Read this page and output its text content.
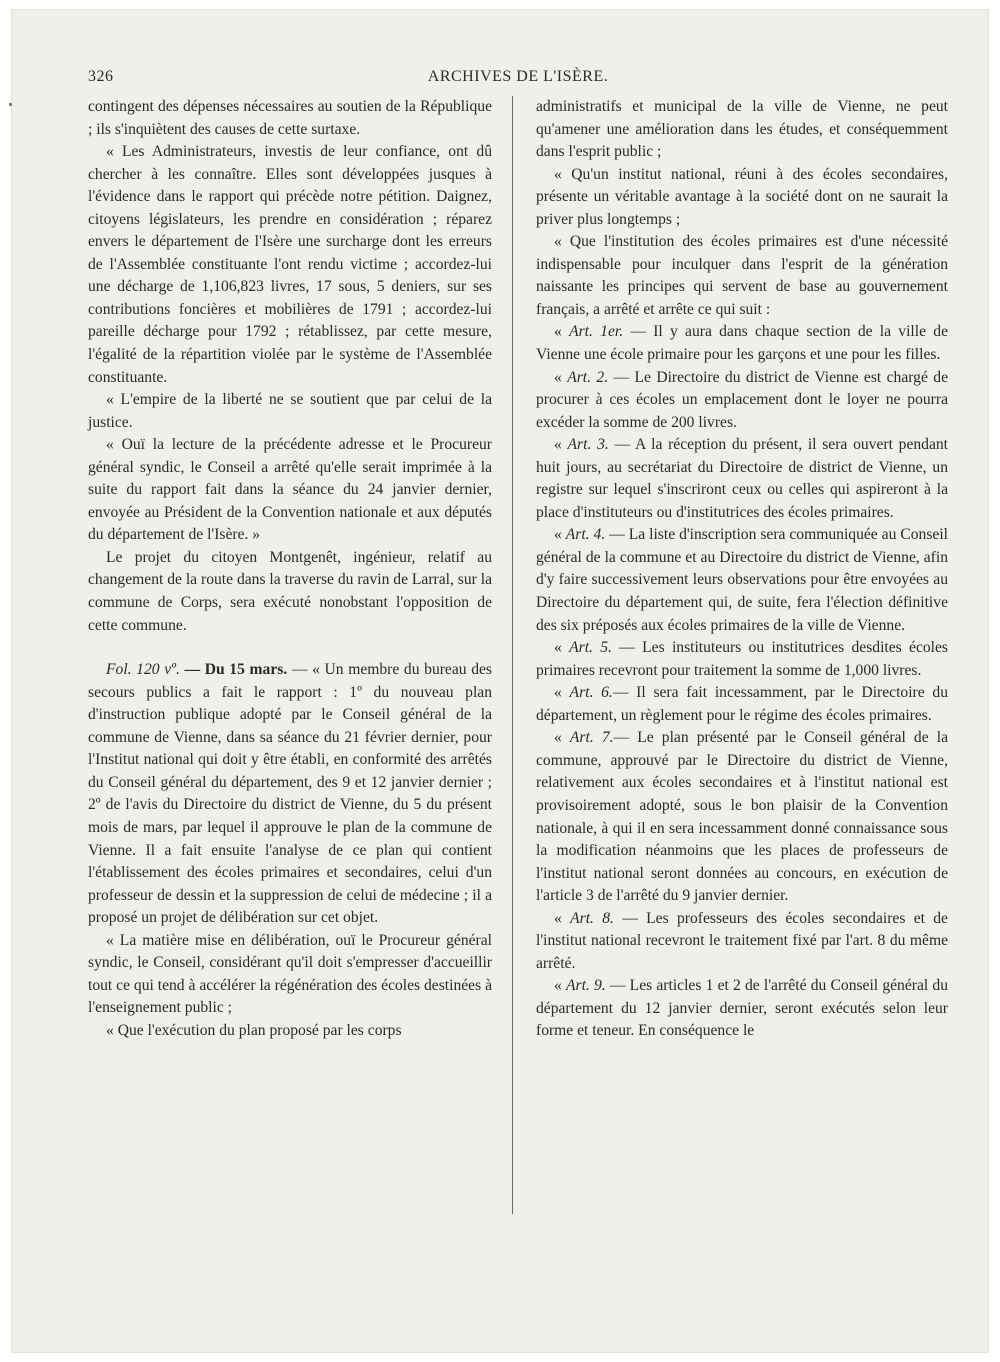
326	ARCHIVES DE L'ISÈRE.

contingent des dépenses nécessaires au soutien de la République ; ils s'inquiètent des causes de cette surtaxe.

« Les Administrateurs, investis de leur confiance, ont dû chercher à les connaître. Elles sont développées jusques à l'évidence dans le rapport qui précède notre pétition. Daignez, citoyens législateurs, les prendre en considération ; réparez envers le département de l'Isère une surcharge dont les erreurs de l'Assemblée constituante l'ont rendu victime ; accordez-lui une décharge de 1,106,823 livres, 17 sous, 5 deniers, sur ses contributions foncières et mobilières de 1791 ; accordez-lui pareille décharge pour 1792 ; rétablissez, par cette mesure, l'égalité de la répartition violée par le système de l'Assemblée constituante.

« L'empire de la liberté ne se soutient que par celui de la justice.

« Ouï la lecture de la précédente adresse et le Procureur général syndic, le Conseil a arrêté qu'elle serait imprimée à la suite du rapport fait dans la séance du 24 janvier dernier, envoyée au Président de la Convention nationale et aux députés du département de l'Isère. »

Le projet du citoyen Montgenêt, ingénieur, relatif au changement de la route dans la traverse du ravin de Larral, sur la commune de Corps, sera exécuté nonobstant l'opposition de cette commune.

Fol. 120 vº. — Du 15 mars. — « Un membre du bureau des secours publics a fait le rapport : 1º du nouveau plan d'instruction publique adopté par le Conseil général de la commune de Vienne, dans sa séance du 21 février dernier, pour l'Institut national qui doit y être établi, en conformité des arrêtés du Conseil général du département, des 9 et 12 janvier dernier ; 2º de l'avis du Directoire du district de Vienne, du 5 du présent mois de mars, par lequel il approuve le plan de la commune de Vienne. Il a fait ensuite l'analyse de ce plan qui contient l'établissement des écoles primaires et secondaires, celui d'un professeur de dessin et la suppression de celui de médecine ; il a proposé un projet de délibération sur cet objet.

« La matière mise en délibération, ouï le Procureur général syndic, le Conseil, considérant qu'il doit s'empresser d'accueillir tout ce qui tend à accélérer la régénération des écoles destinées à l'enseignement public ;

« Que l'exécution du plan proposé par les corps

administratifs et municipal de la ville de Vienne, ne peut qu'amener une amélioration dans les études, et conséquemment dans l'esprit public ;

« Qu'un institut national, réuni à des écoles secondaires, présente un véritable avantage à la société dont on ne saurait la priver plus longtemps ;

« Que l'institution des écoles primaires est d'une nécessité indispensable pour inculquer dans l'esprit de la génération naissante les principes qui servent de base au gouvernement français, a arrêté et arrête ce qui suit :

« Art. 1er. — Il y aura dans chaque section de la ville de Vienne une école primaire pour les garçons et une pour les filles.

« Art. 2. — Le Directoire du district de Vienne est chargé de procurer à ces écoles un emplacement dont le loyer ne pourra excéder la somme de 200 livres.

« Art. 3. — A la réception du présent, il sera ouvert pendant huit jours, au secrétariat du Directoire de district de Vienne, un registre sur lequel s'inscriront ceux ou celles qui aspireront à la place d'instituteurs ou d'institutrices des écoles primaires.

« Art. 4. — La liste d'inscription sera communiquée au Conseil général de la commune et au Directoire du district de Vienne, afin d'y faire successivement leurs observations pour être envoyées au Directoire du département qui, de suite, fera l'élection définitive des six préposés aux écoles primaires de la ville de Vienne.

« Art. 5. — Les instituteurs ou institutrices desdites écoles primaires recevront pour traitement la somme de 1,000 livres.

« Art. 6.— Il sera fait incessamment, par le Directoire du département, un règlement pour le régime des écoles primaires.

« Art. 7.— Le plan présenté par le Conseil général de la commune, approuvé par le Directoire du district de Vienne, relativement aux écoles secondaires et à l'institut national est provisoirement adopté, sous le bon plaisir de la Convention nationale, à qui il en sera incessamment donné connaissance sous la modification néanmoins que les places de professeurs de l'institut national seront données au concours, en exécution de l'article 3 de l'arrêté du 9 janvier dernier.

« Art. 8. — Les professeurs des écoles secondaires et de l'institut national recevront le traitement fixé par l'art. 8 du même arrêté.

« Art. 9. — Les articles 1 et 2 de l'arrêté du Conseil général du département du 12 janvier dernier, seront exécutés selon leur forme et teneur. En conséquence le
